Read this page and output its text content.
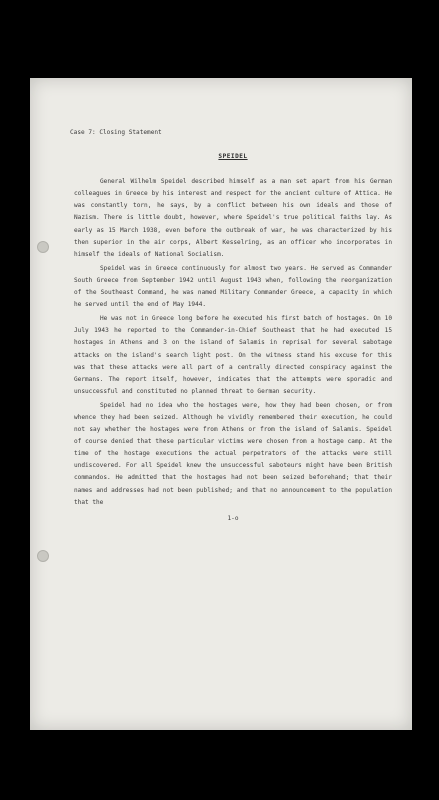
Case 7: Closing Statement
SPEIDEL

General Wilhelm Speidel described himself as a man set apart from his German colleagues in Greece by his interest and respect for the ancient culture of Attica. He was constantly torn, he says, by a conflict between his own ideals and those of Nazism. There is little doubt, however, where Speidel's true political faiths lay. As early as 15 March 1938, even before the outbreak of war, he was characterized by his then superior in the air corps, Albert Kesselring, as an officer who incorporates in himself the ideals of National Socialism.

Speidel was in Greece continuously for almost two years. He served as Commander South Greece from September 1942 until August 1943 when, following the reorganization of the Southeast Command, he was named Military Commander Greece, a capacity in which he served until the end of May 1944.

He was not in Greece long before he executed his first batch of hostages. On 10 July 1943 he reported to the Commander-in-Chief Southeast that he had executed 15 hostages in Athens and 3 on the island of Salamis in reprisal for several sabotage attacks on the island's search light post. On the witness stand his excuse for this was that these attacks were all part of a centrally directed conspiracy against the Germans. The report itself, however, indicates that the attempts were sporadic and unsuccessful and constituted no planned threat to German security.

Speidel had no idea who the hostages were, how they had been chosen, or from whence they had been seized. Although he vividly remembered their execution, he could not say whether the hostages were from Athens or from the island of Salamis. Speidel of course denied that these particular victims were chosen from a hostage camp. At the time of the hostage executions the actual perpetrators of the attacks were still undiscovered. For all Speidel knew the unsuccessful saboteurs might have been British commandos. He admitted that the hostages had not been seized beforehand; that their names and addresses had not been published; and that no announcement to the population that the

1-o
